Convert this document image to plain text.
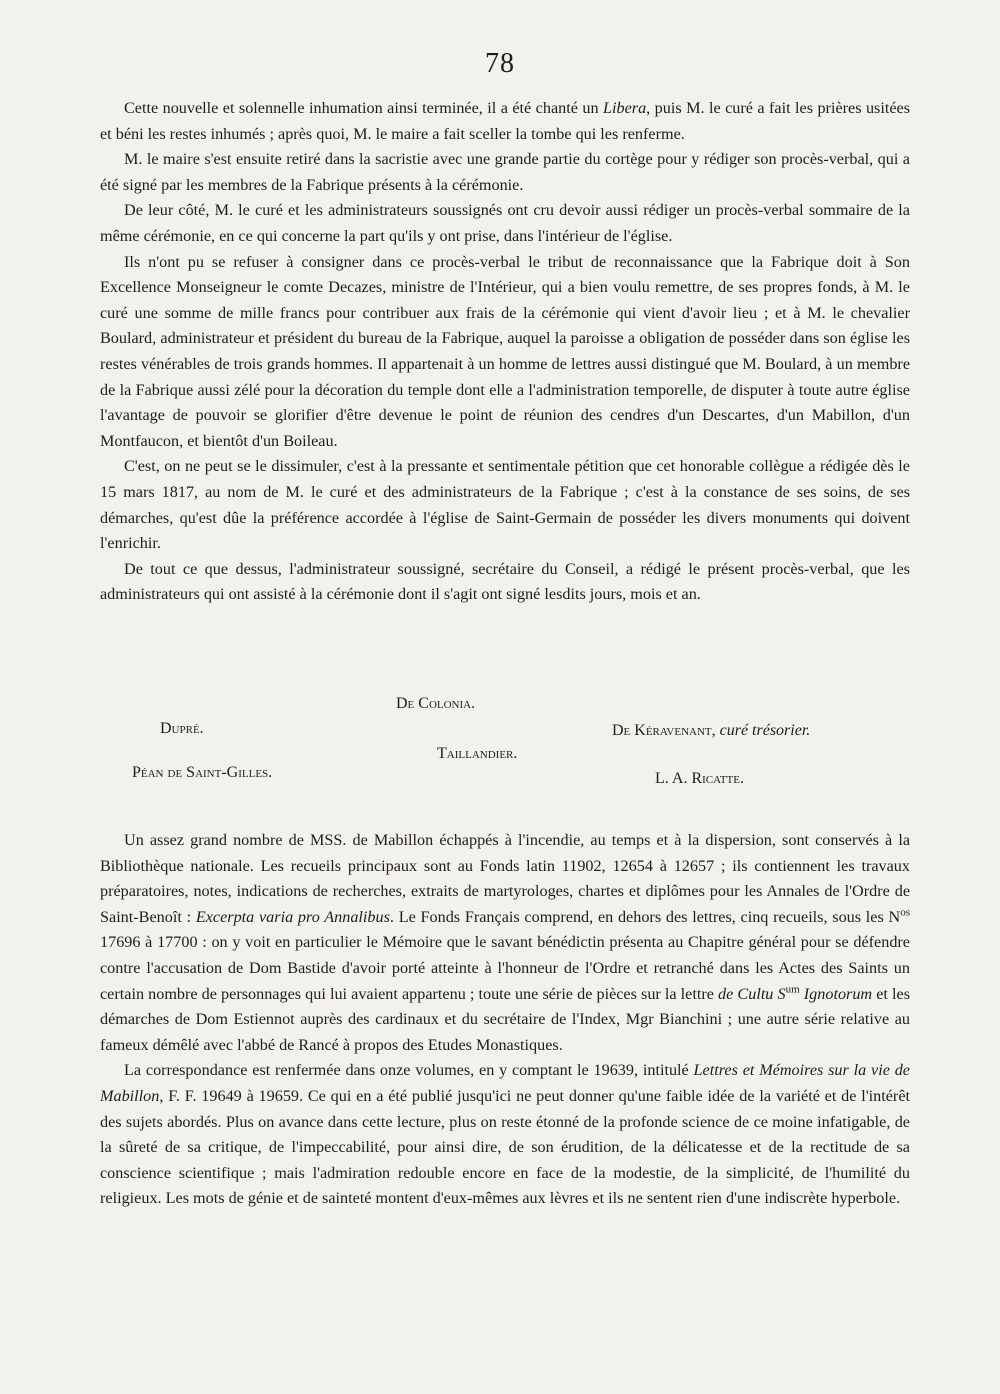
78

Cette nouvelle et solennelle inhumation ainsi terminée, il a été chanté un Libera, puis M. le curé a fait les prières usitées et béni les restes inhumés ; après quoi, M. le maire a fait sceller la tombe qui les renferme.

M. le maire s'est ensuite retiré dans la sacristie avec une grande partie du cortège pour y rédiger son procès-verbal, qui a été signé par les membres de la Fabrique présents à la cérémonie.

De leur côté, M. le curé et les administrateurs soussignés ont cru devoir aussi rédiger un procès-verbal sommaire de la même cérémonie, en ce qui concerne la part qu'ils y ont prise, dans l'intérieur de l'église.

Ils n'ont pu se refuser à consigner dans ce procès-verbal le tribut de reconnaissance que la Fabrique doit à Son Excellence Monseigneur le comte Decazes, ministre de l'Intérieur, qui a bien voulu remettre, de ses propres fonds, à M. le curé une somme de mille francs pour contribuer aux frais de la cérémonie qui vient d'avoir lieu ; et à M. le chevalier Boulard, administrateur et président du bureau de la Fabrique, auquel la paroisse a obligation de posséder dans son église les restes vénérables de trois grands hommes. Il appartenait à un homme de lettres aussi distingué que M. Boulard, à un membre de la Fabrique aussi zélé pour la décoration du temple dont elle a l'administration temporelle, de disputer à toute autre église l'avantage de pouvoir se glorifier d'être devenue le point de réunion des cendres d'un Descartes, d'un Mabillon, d'un Montfaucon, et bientôt d'un Boileau.

C'est, on ne peut se le dissimuler, c'est à la pressante et sentimentale pétition que cet honorable collègue a rédigée dès le 15 mars 1817, au nom de M. le curé et des administrateurs de la Fabrique ; c'est à la constance de ses soins, de ses démarches, qu'est dûe la préférence accordée à l'église de Saint-Germain de posséder les divers monuments qui doivent l'enrichir.

De tout ce que dessus, l'administrateur soussigné, secrétaire du Conseil, a rédigé le présent procès-verbal, que les administrateurs qui ont assisté à la cérémonie dont il s'agit ont signé lesdits jours, mois et an.

De Colonia.
Dupré.	De Kéravenant, curé trésorier.
Taillandier.
Péan de Saint-Gilles.	L. A. Ricatte.

Un assez grand nombre de MSS. de Mabillon échappés à l'incendie, au temps et à la dispersion, sont conservés à la Bibliothèque nationale. Les recueils principaux sont au Fonds latin 11902, 12654 à 12657 ; ils contiennent les travaux préparatoires, notes, indications de recherches, extraits de martyrologes, chartes et diplômes pour les Annales de l'Ordre de Saint-Benoît : Excerpta varia pro Annalibus. Le Fonds Français comprend, en dehors des lettres, cinq recueils, sous les $N^{os}$ 17696 à 17700 : on y voit en particulier le Mémoire que le savant bénédictin présenta au Chapitre général pour se défendre contre l'accusation de Dom Bastide d'avoir porté atteinte à l'honneur de l'Ordre et retranché dans les Actes des Saints un certain nombre de personnages qui lui avaient appartenu ; toute une série de pièces sur la lettre de Cultu $S^{um}$ Ignotorum et les démarches de Dom Estiennot auprès des cardinaux et du secrétaire de l'Index, Mgr Bianchini ; une autre série relative au fameux démêlé avec l'abbé de Rancé à propos des Etudes Monastiques.

La correspondance est renfermée dans onze volumes, en y comptant le 19639, intitulé Lettres et Mémoires sur la vie de Mabillon, F. F. 19649 à 19659. Ce qui en a été publié jusqu'ici ne peut donner qu'une faible idée de la variété et de l'intérêt des sujets abordés. Plus on avance dans cette lecture, plus on reste étonné de la profonde science de ce moine infatigable, de la sûreté de sa critique, de l'impeccabilité, pour ainsi dire, de son érudition, de la délicatesse et de la rectitude de sa conscience scientifique ; mais l'admiration redouble encore en face de la modestie, de la simplicité, de l'humilité du religieux. Les mots de génie et de sainteté montent d'eux-mêmes aux lèvres et ils ne sentent rien d'une indiscrète hyperbole.
